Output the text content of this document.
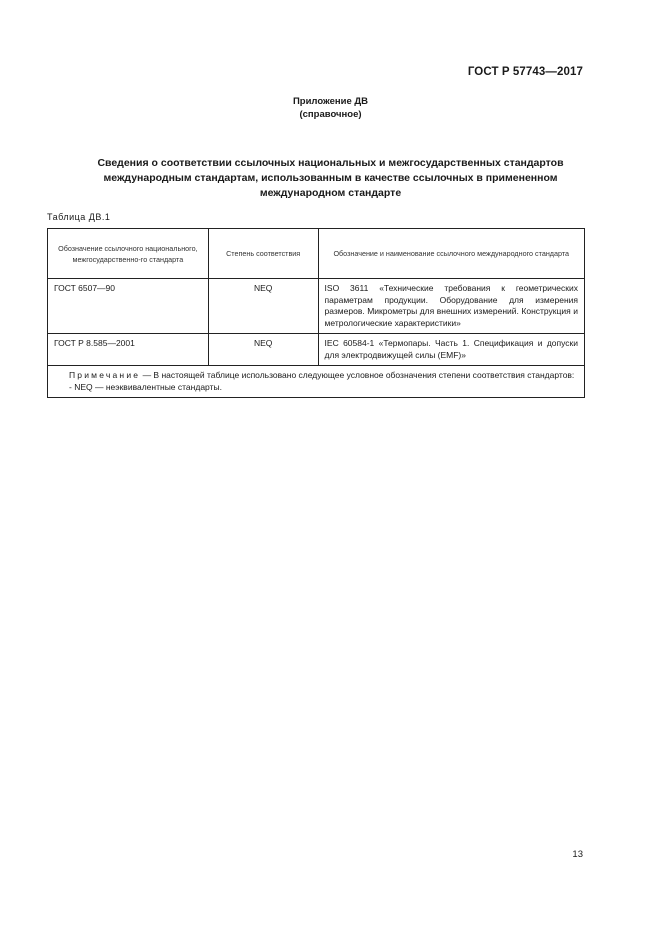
ГОСТ Р 57743—2017
Приложение ДВ
(справочное)
Сведения о соответствии ссылочных национальных и межгосударственных стандартов
международным стандартам, использованным в качестве ссылочных в примененном
международном стандарте
Таблица ДВ.1
Обозначение ссылочного национального, межгосударственно-го стандарта	Степень соответствия	Обозначение и наименование ссылочного международного стандарта
ГОСТ 6507—90	NEQ	ISO 3611 «Технические требования к геометрических параметрам продукции. Оборудование для измерения размеров. Микрометры для внешних измерений. Конструкция и метрологические характеристики»
ГОСТ Р 8.585—2001	NEQ	IEC 60584-1 «Термопары. Часть 1. Спецификация и допуски для электродвижущей силы (EMF)»

Примечание — В настоящей таблице использовано следующее условное обозначения степени соответствия стандартов:
- NEQ — неэквивалентные стандарты.		
13
